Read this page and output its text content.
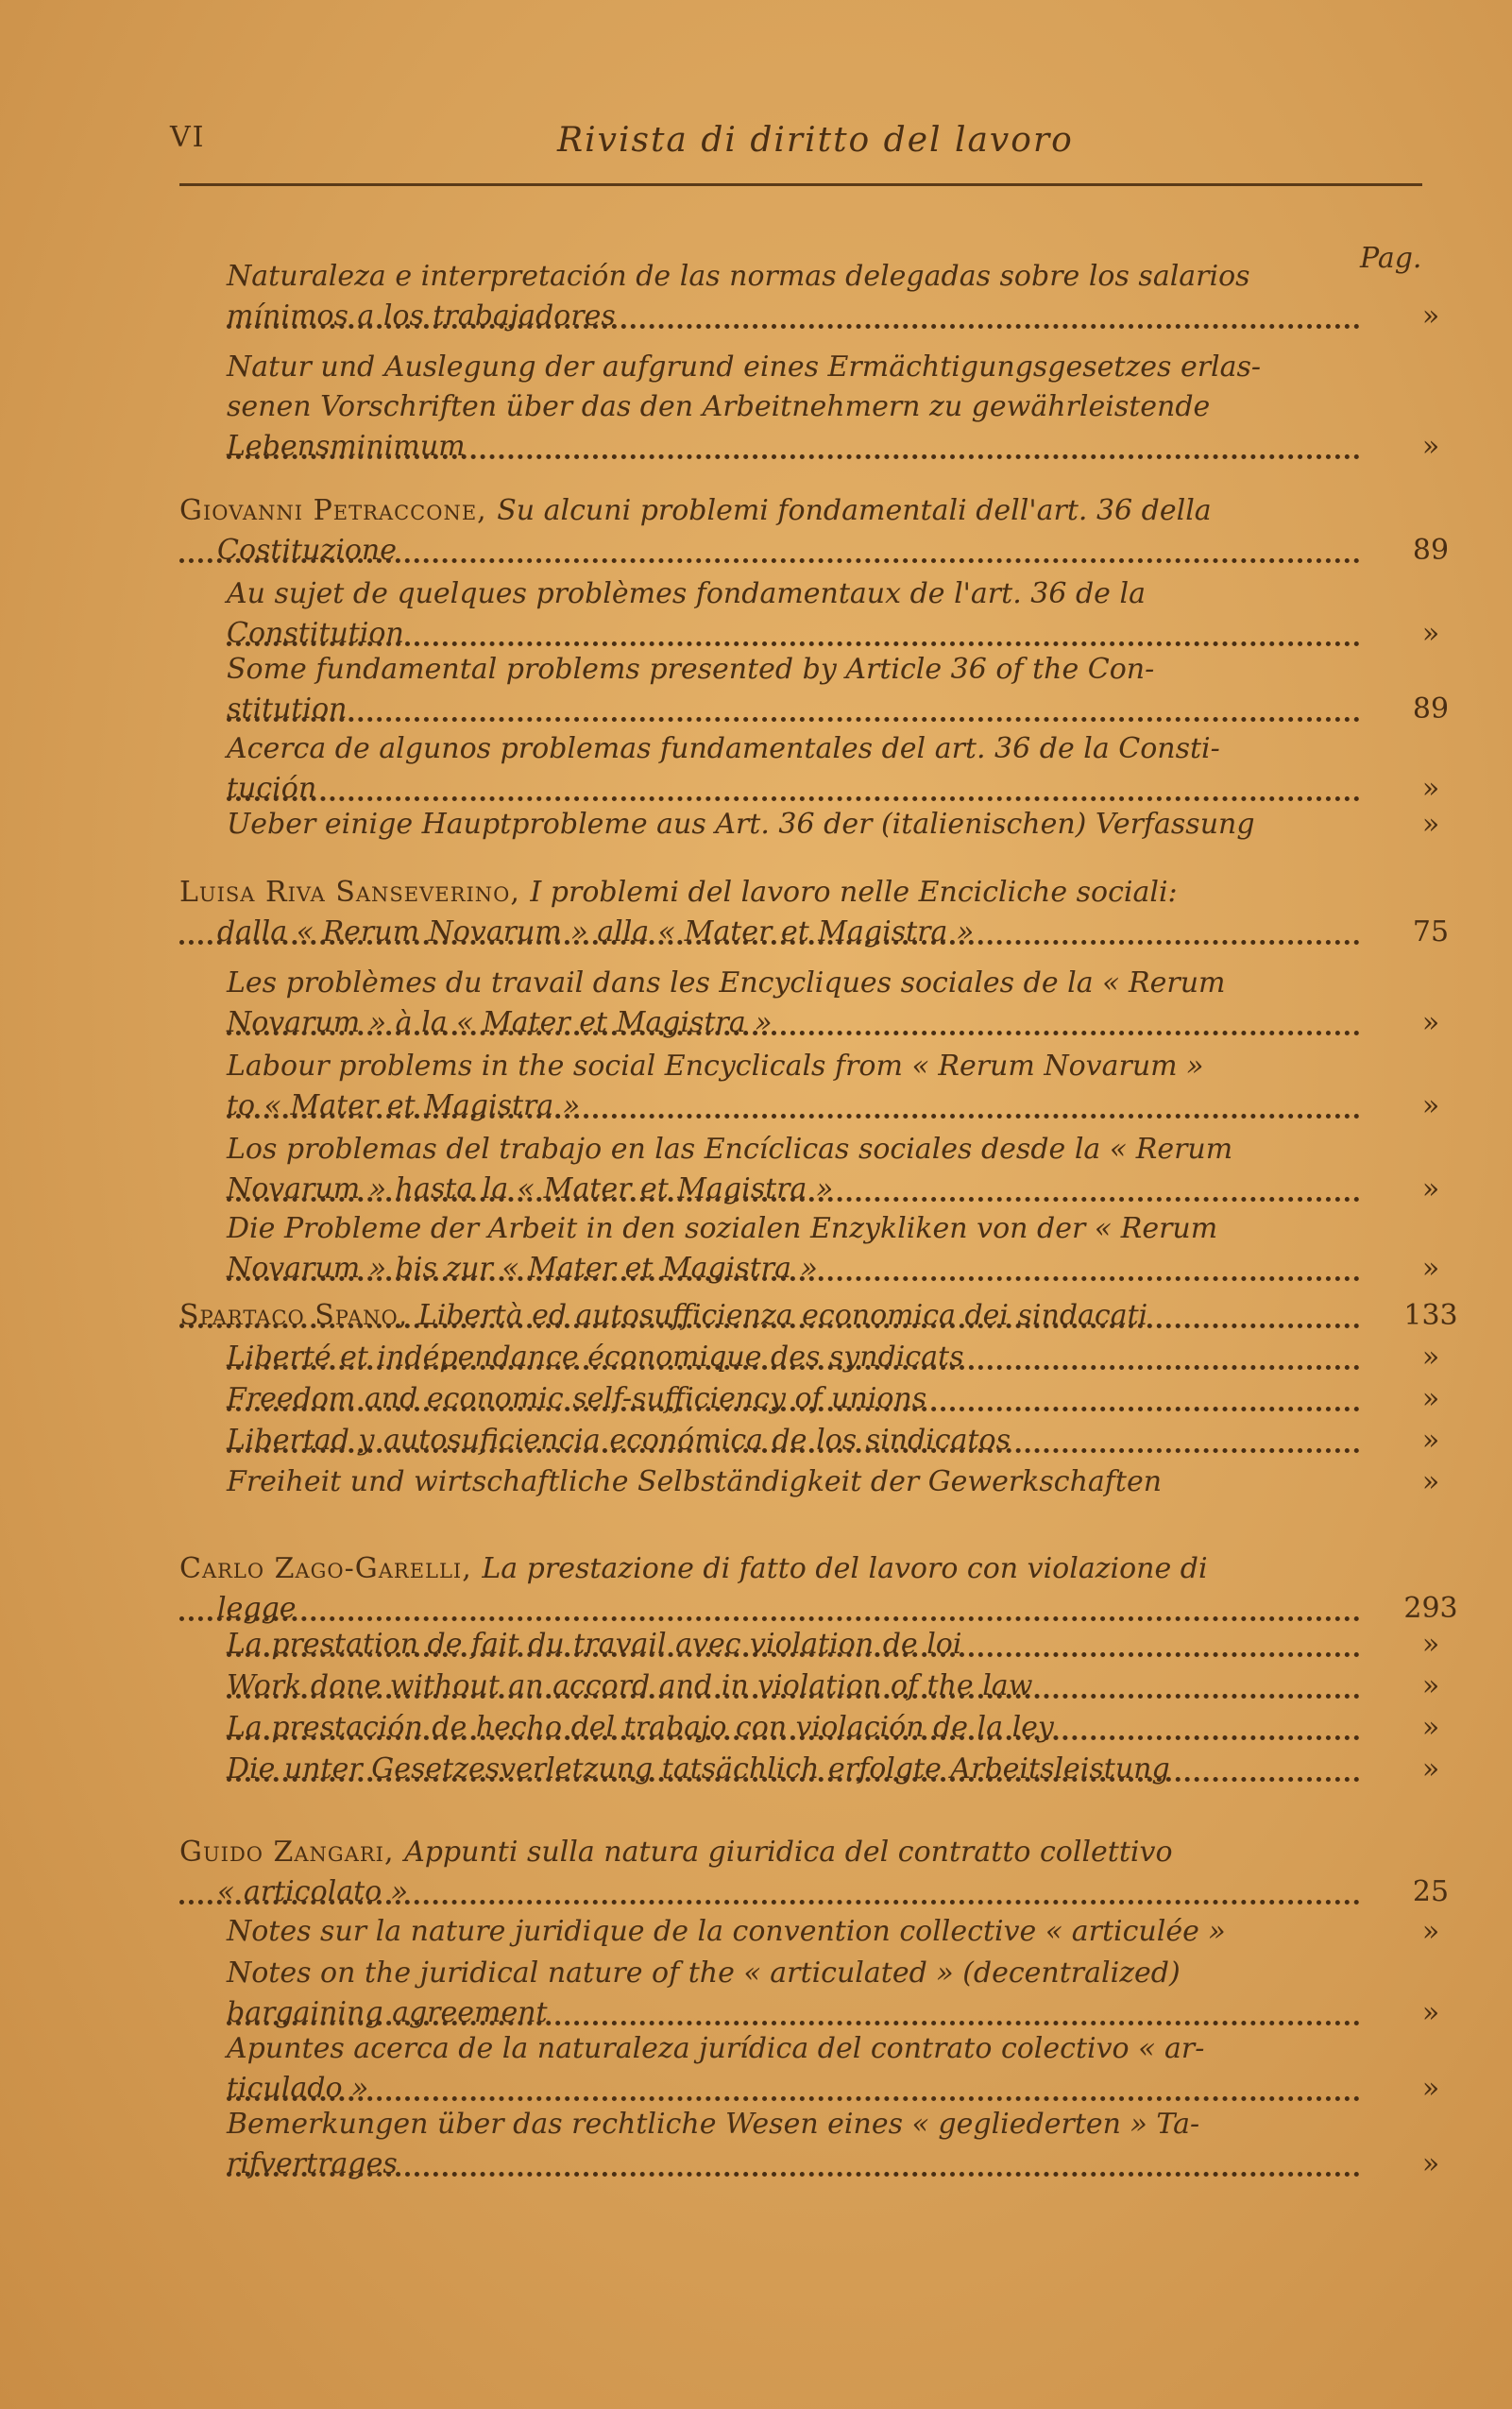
VI	Rivista di diritto del lavoro
Pag.
Naturaleza e interpretación de las normas delegadas sobre los salarios
mínimos a los trabajadores	»
Natur und Auslegung der aufgrund eines Ermächtigungsgesetzes erlas-
senen Vorschriften über das den Arbeitnehmern zu gewährleistende
Lebensminimum	»
Giovanni Petraccone, Su alcuni problemi fondamentali dell'art. 36 della
Costituzione	89
Au sujet de quelques problèmes fondamentaux de l'art. 36 de la
Constitution	»
Some fundamental problems presented by Article 36 of the Con-
stitution	89
Acerca de algunos problemas fundamentales del art. 36 de la Consti-
tución	»
Ueber einige Hauptprobleme aus Art. 36 der (italienischen) Verfassung	»
Luisa Riva Sanseverino, I problemi del lavoro nelle Encicliche sociali:
dalla « Rerum Novarum » alla « Mater et Magistra »	75
Les problèmes du travail dans les Encycliques sociales de la « Rerum
Novarum » à la « Mater et Magistra »	»
Labour problems in the social Encyclicals from « Rerum Novarum »
to « Mater et Magistra »	»
Los problemas del trabajo en las Encíclicas sociales desde la « Rerum
Novarum » hasta la « Mater et Magistra »	»
Die Probleme der Arbeit in den sozialen Enzykliken von der « Rerum
Novarum » bis zur « Mater et Magistra »	»
Spartaco Spano, Libertà ed autosufficienza economica dei sindacati	133
Liberté et indépendance économique des syndicats	»
Freedom and economic self-sufficiency of unions	»
Libertad y autosuficiencia económica de los sindicatos	»
Freiheit und wirtschaftliche Selbständigkeit der Gewerkschaften	»
Carlo Zago-Garelli, La prestazione di fatto del lavoro con violazione di
legge	293
La prestation de fait du travail avec violation de loi	»
Work done without an accord and in violation of the law	»
La prestación de hecho del trabajo con violación de la ley	»
Die unter Gesetzesverletzung tatsächlich erfolgte Arbeitsleistung	»
Guido Zangari, Appunti sulla natura giuridica del contratto collettivo
« articolato »	25
Notes sur la nature juridique de la convention collective « articulée »	»
Notes on the juridical nature of the « articulated » (decentralized)
bargaining agreement	»
Apuntes acerca de la naturaleza jurídica del contrato colectivo « ar-
ticulado »	»
Bemerkungen über das rechtliche Wesen eines « gegliederten » Ta-
rifvertrages	»
